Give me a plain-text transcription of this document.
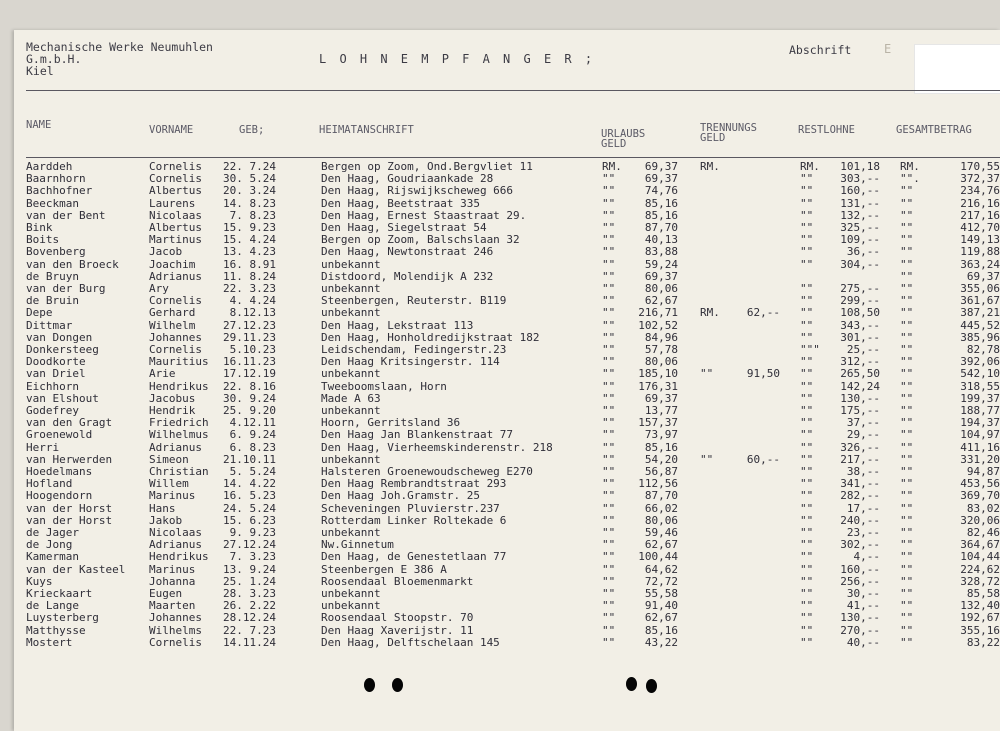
Mechanische Werke Neumuhlen
G.m.b.H.
Kiel
L O H N E M P F A N G E R ;
Abschrift	E
NAME	VORNAME	GEB;	HEIMATANSCHRIFT	URLAUBS
GELD
TRENNUNGS
GELD
RESTLOHNE	GESAMTBETRAG
Aarddeh	Cornelis 22. 7.24	Bergen op Zoom, Ond.Bergvliet 11	RM. 69,37 RM.	RM. 101,18 RM.	170,55
Baarnhorn	Cornelis 30. 5.24	Den Haag, Goudriaankade 28	""	69,37	"" 303,-- "".	372,37
Bachhofner	Albertus 20. 3.24	Den Haag, Rijswijkscheweg 666	""	74,76	"" 160,-- ""	234,76
Beeckman	Laurens	14. 8.23	Den Haag, Beetstraat 335	""	85,16	"" 131,-- ""	216,16
van der Bent	Nicolaas	7. 8.23	Den Haag, Ernest Staastraat 29.	""	85,16	"" 132,-- ""	217,16
Bink	Albertus 15. 9.23	Den Haag, Siegelstraat 54	""	87,70	"" 325,-- ""	412,70
Boits	Martinus 15. 4.24	Bergen op Zoom, Balschslaan 32	""	40,13	"" 109,-- ""	149,13
Bovenberg	Jacob	13. 4.23	Den Haag, Newtonstraat 246	""	83,88	""	36,-- ""	119,88
van den Broeck	Joachim	16. 8.91	unbekannt	""	59,24	"" 304,-- ""	363,24
de Bruyn	Adrianus 11. 8.24	Distdoord, Molendijk A 232	""	69,37	""	69,37
van der Burg	Ary	22. 3.23	unbekannt	""	80,06	"" 275,-- ""	355,06
de Bruin	Cornelis	4. 4.24	Steenbergen, Reuterstr. B119	""	62,67	"" 299,-- ""	361,67
Depe	Gerhard	8.12.13	unbekannt	"" 216,71 RM. 62,-- "" 108,50 ""	387,21
Dittmar	Wilhelm	27.12.23	Den Haag, Lekstraat 113	"" 102,52	"" 343,-- ""	445,52
van Dongen	Johannes 29.11.23	Den Haag, Honholdredijkstraat 182	""	84,96	"" 301,-- ""	385,96
Donkersteeg	Cornelis	5.10.23	Leidschendam, Fedingerstr.23	""	57,78	""" 25,-- ""	82,78
Doodkorte	Mauritius 16.11.23	Den Haag Kritsingerstr. 114	""	80,06	"" 312,-- ""	392,06
van Driel	Arie	17.12.19	unbekannt	"" 185,10 ""	91,50 "" 265,50 ""	542,10
Eichhorn	Hendrikus 22. 8.16	Tweeboomslaan, Horn	"" 176,31	"" 142,24 ""	318,55
van Elshout	Jacobus	30. 9.24	Made A 63	""	69,37	"" 130,-- ""	199,37
Godefrey	Hendrik	25. 9.20	unbekannt	""	13,77	"" 175,-- ""	188,77
van den Gragt	Friedrich 4.12.11	Hoorn, Gerritsland 36	"" 157,37	""	37,-- ""	194,37
Groenewold	Wilhelmus 6. 9.24	Den Haag Jan Blankenstraat 77	""	73,97	""	29,-- ""	104,97
Herri	Adrianus	6. 8.23	Den Haag, Vierheemskinderenstr. 218	""	85,16	"" 326,-- ""	411,16
van Herwerden	Simeon	21.10.11	unbekannt	""	54,20 ""	60,-- "" 217,-- ""	331,20
Hoedelmans	Christian 5. 5.24	Halsteren Groenewoudscheweg E270	""	56,87	""	38,-- ""	94,87
Hofland	Willem	14. 4.22	Den Haag Rembrandtstraat 293	"" 112,56	"" 341,-- ""	453,56
Hoogendorn	Marinus	16. 5.23	Den Haag Joh.Gramstr. 25	""	87,70	"" 282,-- ""	369,70
van der Horst	Hans	24. 5.24	Scheveningen Pluvierstr.237	""	66,02	""	17,-- ""	83,02
van der Horst	Jakob	15. 6.23	Rotterdam Linker Roltekade 6	""	80,06	"" 240,-- ""	320,06
de Jager	Nicolaas	9. 9.23	unbekannt	""	59,46	""	23,-- ""	82,46
de Jong	Adrianus 27.12.24	Nw.Ginnetum	""	62,67	"" 302,-- ""	364,67
Kamerman	Hendrikus 7. 3.23	Den Haag, de Genestetlaan 77	"" 100,44	""	4,-- ""	104,44
van der Kasteel Marinus	13. 9.24	Steenbergen E 386 A	""	64,62	"" 160,-- ""	224,62
Kuys	Johanna	25. 1.24	Roosendaal Bloemenmarkt	""	72,72	"" 256,-- ""	328,72
Krieckaart	Eugen	28. 3.23	unbekannt	""	55,58	""	30,-- ""	85,58
de Lange	Maarten	26. 2.22	unbekannt	""	91,40	""	41,-- ""	132,40
Luysterberg	Johannes 28.12.24	Roosendaal Stoopstr. 70	""	62,67	"" 130,-- ""	192,67
Matthysse	Wilhelms 22. 7.23	Den Haag Xaverijstr. 11	""	85,16	"" 270,-- ""	355,16
Mostert	Cornelis 14.11.24	Den Haag, Delftschelaan 145	""	43,22	""	40,-- ""	83,22
